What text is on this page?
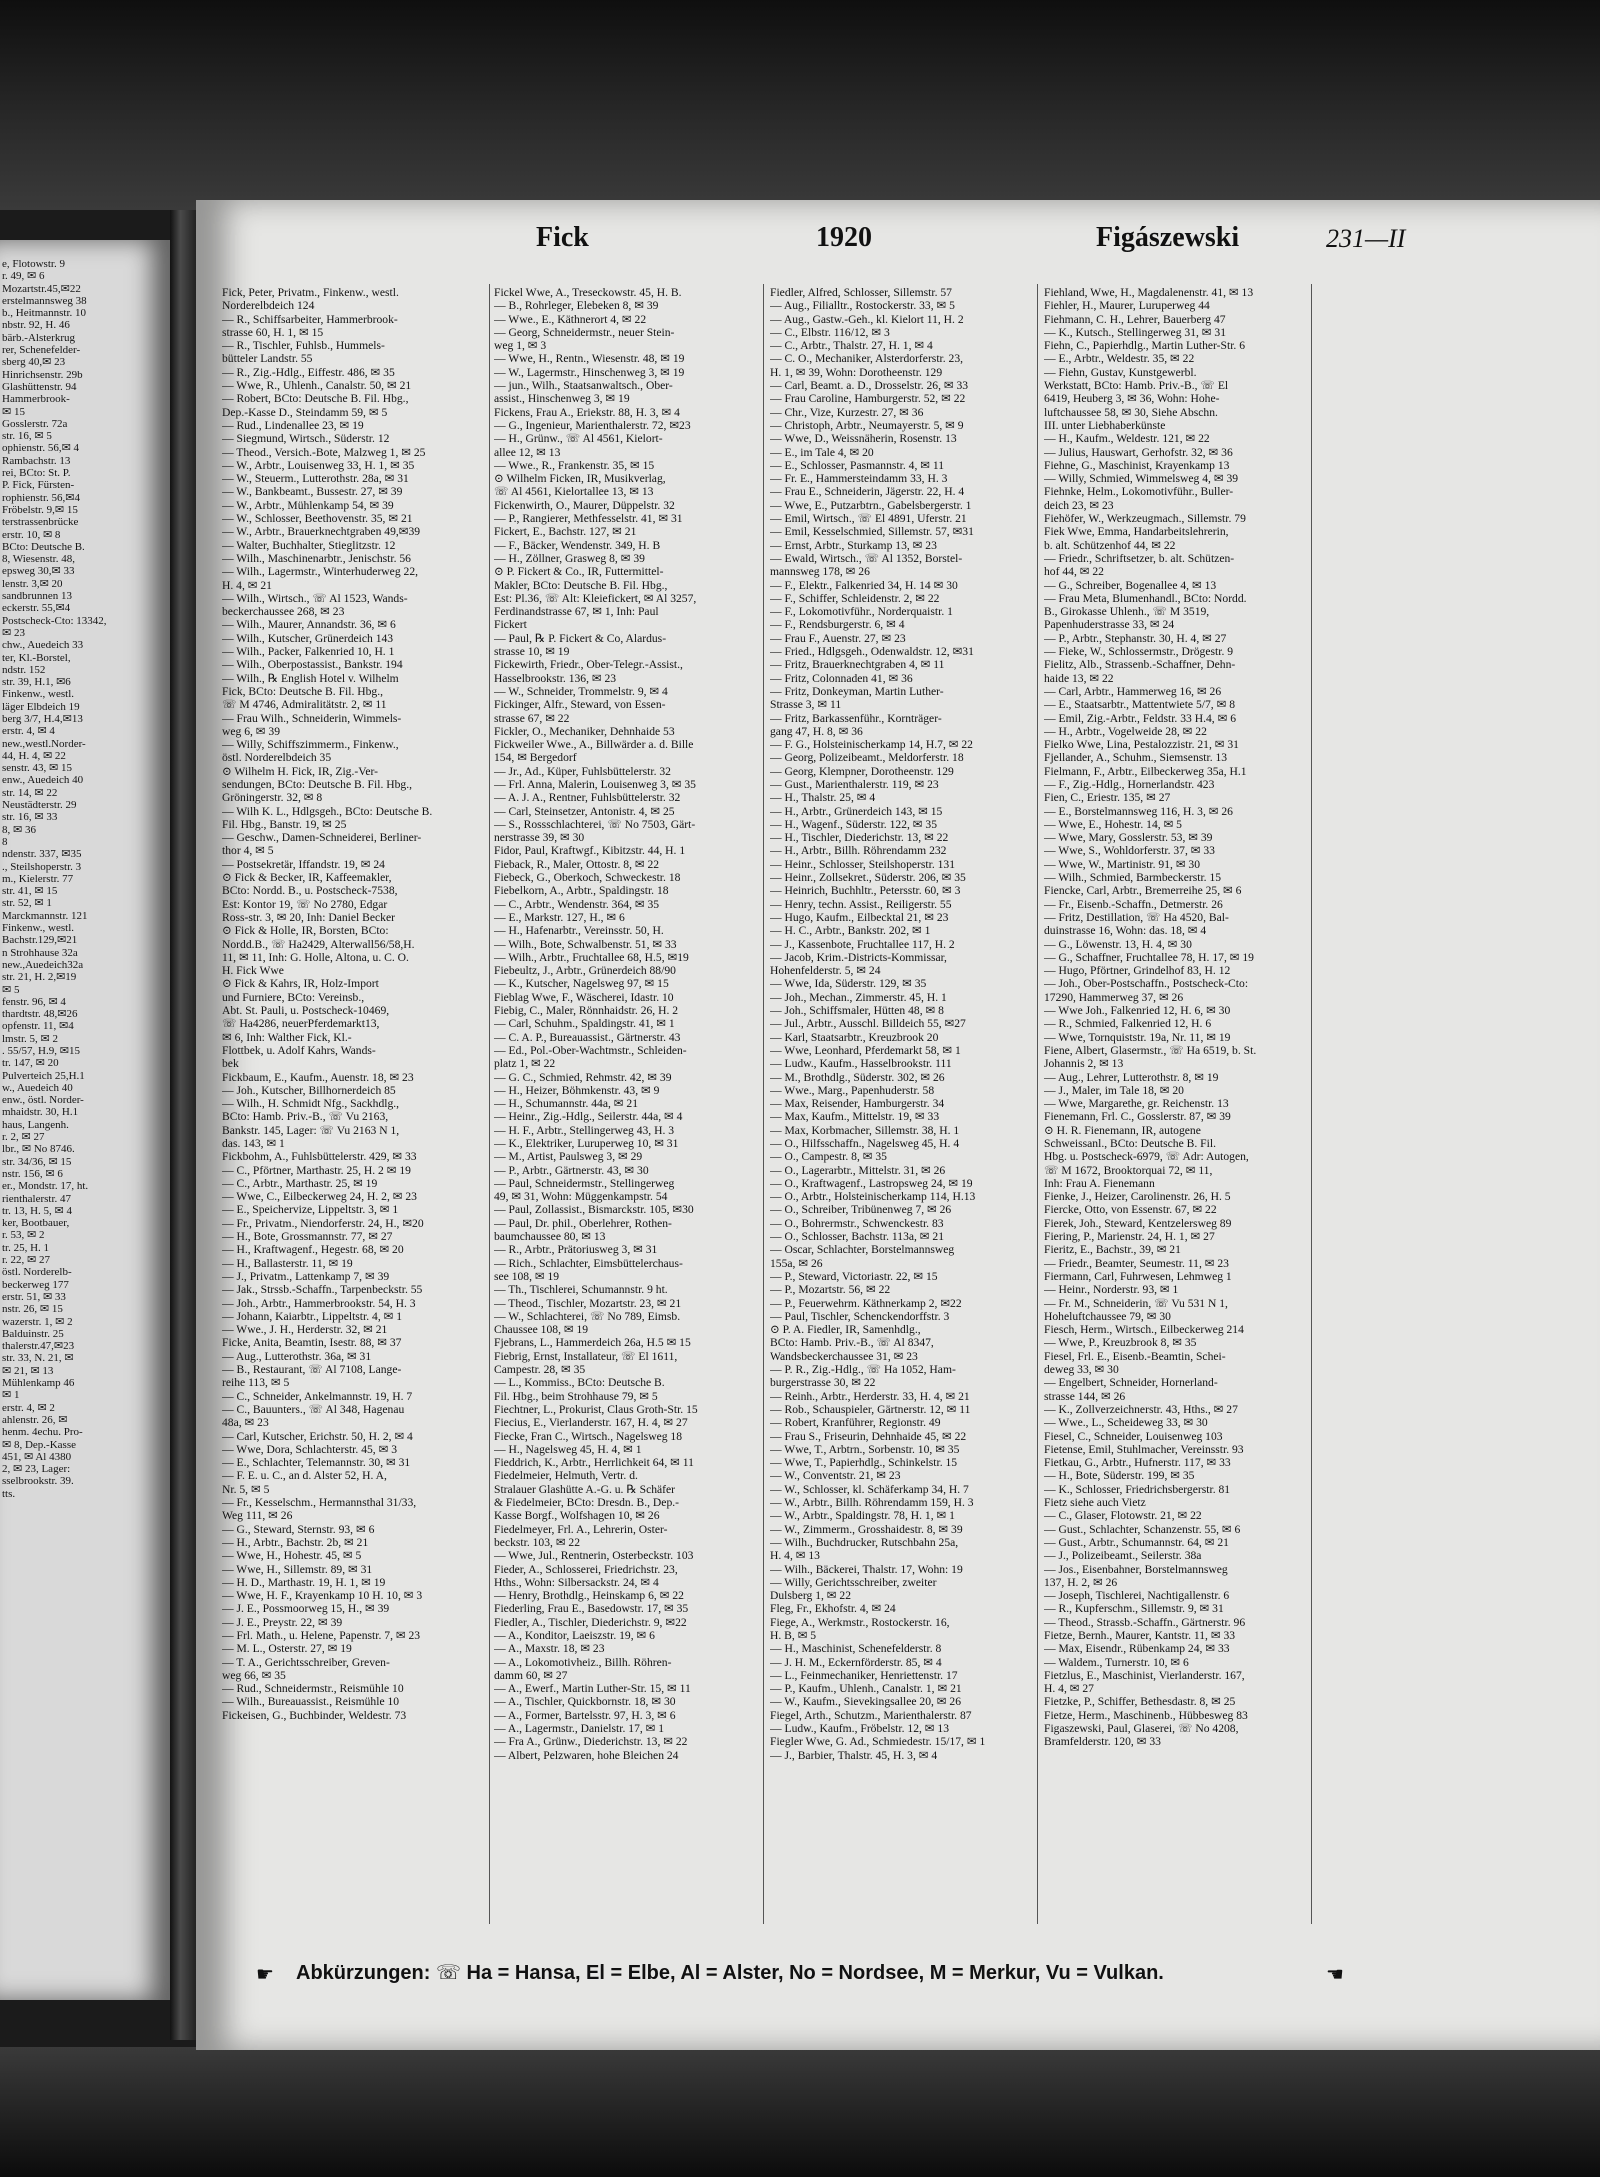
e, Flotowstr. 9
r. 49, ✉ 6
Mozartstr.45,✉22
erstelmannsweg 38
b., Heitmannstr. 10
nbstr. 92, H. 46
bärb.-Alsterkrug
rer, Schenefelder-
sberg 40,✉ 23
Hinrichsenstr. 29b
Glashüttenstr. 94
Hammerbrook-
✉ 15
Gosslerstr. 72a
str. 16, ✉ 5
ophienstr. 56,✉ 4
Rambachstr. 13
rei, BCto: St. P.
P. Fick, Fürsten-
rophienstr. 56,✉4
Fröbelstr. 9,✉ 15
terstrassenbrücke
erstr. 10, ✉ 8
BCto: Deutsche B.
8, Wiesenstr. 48,
epsweg 30,✉ 33
lenstr. 3,✉ 20
sandbrunnen 13
eckerstr. 55,✉4
Postscheck-Cto: 13342,
✉ 23
chw., Auedeich 33
ter, Kl.-Borstel,
ndstr. 152
str. 39, H.1, ✉6
Finkenw., westl.
läger Elbdeich 19
berg 3/7, H.4,✉13
erstr. 4, ✉ 4
new.,westl.Norder-
44, H. 4, ✉ 22
senstr. 43, ✉ 15
enw., Auedeich 40
str. 14, ✉ 22
Neustädterstr. 29
str. 16, ✉ 33
8, ✉ 36
8
ndenstr. 337, ✉35
., Steilshoperstr. 3
m., Kielerstr. 77
str. 41, ✉ 15
str. 52, ✉ 1
Marckmannstr. 121
Finkenw., westl.
Bachstr.129,✉21
n Strohhause 32a
new.,Auedeich32a
str. 21, H. 2,✉19
✉ 5
fenstr. 96, ✉ 4
thardtstr. 48,✉26
opfenstr. 11, ✉4
lmstr. 5, ✉ 2
. 55/57, H.9, ✉15
tr. 147, ✉ 20
Pulverteich 25,H.1
w., Auedeich 40
enw., östl. Norder-
mhaidstr. 30, H.1
haus, Langenh.
r. 2, ✉ 27
lbr., ✉ No 8746.
str. 34/36, ✉ 15
nstr. 156, ✉ 6
er., Mondstr. 17, ht.
rienthalerstr. 47
tr. 13, H. 5, ✉ 4
ker, Bootbauer,
r. 53, ✉ 2
tr. 25, H. 1
r. 22, ✉ 27
östl. Norderelb-
beckerweg 177
erstr. 51, ✉ 33
nstr. 26, ✉ 15
wazerstr. 1, ✉ 2
Balduinstr. 25
thalerstr.47,✉23
str. 33, N. 21, ✉
✉ 21, ✉ 13
Mühlenkamp 46
✉ 1
erstr. 4, ✉ 2
ahlenstr. 26, ✉
henm. 4echu. Pro-
✉ 8, Dep.-Kasse
451, ✉ Al 4380
2, ✉ 23, Lager:
sselbrookstr. 39.
tts.
Fick	1920	Figászewski	231—II
Fick, Peter, Privatm., Finkenw., westl.
Norderelbdeich 124
— R., Schiffsarbeiter, Hammerbrook-
strasse 60, H. 1, ✉ 15
— R., Tischler, Fuhlsb., Hummels-
bütteler Landstr. 55
— R., Zig.-Hdlg., Eiffestr. 486, ✉ 35
— Wwe, R., Uhlenh., Canalstr. 50, ✉ 21
— Robert, BCto: Deutsche B. Fil. Hbg.,
Dep.-Kasse D., Steindamm 59, ✉ 5
— Rud., Lindenallee 23, ✉ 19
— Siegmund, Wirtsch., Süderstr. 12
— Theod., Versich.-Bote, Malzweg 1, ✉ 25
— W., Arbtr., Louisenweg 33, H. 1, ✉ 35
— W., Steuerm., Lutterothstr. 28a, ✉ 31
— W., Bankbeamt., Bussestr. 27, ✉ 39
— W., Arbtr., Mühlenkamp 54, ✉ 39
— W., Schlosser, Beethovenstr. 35, ✉ 21
— W., Arbtr., Brauerknechtgraben 49,✉39
— Walter, Buchhalter, Stieglitzstr. 12
— Wilh., Maschinenarbtr., Jenischstr. 56
— Wilh., Lagermstr., Winterhuderweg 22,
H. 4, ✉ 21
— Wilh., Wirtsch., ☏ Al 1523, Wands-
beckerchaussee 268, ✉ 23
— Wilh., Maurer, Annandstr. 36, ✉ 6
— Wilh., Kutscher, Grünerdeich 143
— Wilh., Packer, Falkenried 10, H. 1
— Wilh., Oberpostassist., Bankstr. 194
— Wilh., ℞ English Hotel v. Wilhelm
Fick, BCto: Deutsche B. Fil. Hbg.,
☏ M 4746, Admiralitätstr. 2, ✉ 11
— Frau Wilh., Schneiderin, Wimmels-
weg 6, ✉ 39
— Willy, Schiffszimmerm., Finkenw.,
östl. Norderelbdeich 35
⊙ Wilhelm H. Fick, IR, Zig.-Ver-
sendungen, BCto: Deutsche B. Fil. Hbg.,
Gröningerstr. 32, ✉ 8
— Wilh K. L., Hdlgsgeh., BCto: Deutsche B.
Fil. Hbg., Banstr. 19, ✉ 25
— Geschw., Damen-Schneiderei, Berliner-
thor 4, ✉ 5
— Postsekretär, Iffandstr. 19, ✉ 24
⊙ Fick & Becker, IR, Kaffeemakler,
BCto: Nordd. B., u. Postscheck-7538,
Est: Kontor 19, ☏ No 2780, Edgar
Ross-str. 3, ✉ 20, Inh: Daniel Becker
⊙ Fick & Holle, IR, Borsten, BCto:
Nordd.B., ☏ Ha2429, Alterwall56/58,H.
11, ✉ 11, Inh: G. Holle, Altona, u. C. O.
H. Fick Wwe
⊙ Fick & Kahrs, IR, Holz-Import
und Furniere, BCto: Vereinsb.,
Abt. St. Pauli, u. Postscheck-10469,
☏ Ha4286, neuerPferdemarkt13,
✉ 6, Inh: Walther Fick, Kl.-
Flottbek, u. Adolf Kahrs, Wands-
bek
Fickbaum, E., Kaufm., Auenstr. 18, ✉ 23
— Joh., Kutscher, Billhornerdeich 85
— Wilh., H. Schmidt Nfg., Sackhdlg.,
BCto: Hamb. Priv.-B., ☏ Vu 2163,
Bankstr. 145, Lager: ☏ Vu 2163 N 1,
das. 143, ✉ 1
Fickbohm, A., Fuhlsbüttelerstr. 429, ✉ 33
— C., Pförtner, Marthastr. 25, H. 2 ✉ 19
— C., Arbtr., Marthastr. 25, ✉ 19
— Wwe, C., Eilbeckerweg 24, H. 2, ✉ 23
— E., Speichervize, Lippeltstr. 3, ✉ 1
— Fr., Privatm., Niendorferstr. 24, H., ✉20
— H., Bote, Grossmannstr. 77, ✉ 27
— H., Kraftwagenf., Hegestr. 68, ✉ 20
— H., Ballasterstr. 11, ✉ 19
— J., Privatm., Lattenkamp 7, ✉ 39
— Jak., Strssb.-Schaffn., Tarpenbeckstr. 55
— Joh., Arbtr., Hammerbrookstr. 54, H. 3
— Johann, Kaiarbtr., Lippeltstr. 4, ✉ 1
— Wwe., J. H., Herderstr. 32, ✉ 21
Ficke, Anita, Beamtin, Isestr. 88, ✉ 37
— Aug., Lutterothstr. 36a, ✉ 31
— B., Restaurant, ☏ Al 7108, Lange-
reihe 113, ✉ 5
— C., Schneider, Ankelmannstr. 19, H. 7
— C., Bauunters., ☏ Al 348, Hagenau
48a, ✉ 23
— Carl, Kutscher, Erichstr. 50, H. 2, ✉ 4
— Wwe, Dora, Schlachterstr. 45, ✉ 3
— E., Schlachter, Telemannstr. 30, ✉ 31
— F. E. u. C., an d. Alster 52, H. A,
Nr. 5, ✉ 5
— Fr., Kesselschm., Hermannsthal 31/33,
Weg 111, ✉ 26
— G., Steward, Sternstr. 93, ✉ 6
— H., Arbtr., Bachstr. 2b, ✉ 21
— Wwe, H., Hohestr. 45, ✉ 5
— Wwe, H., Sillemstr. 89, ✉ 31
— H. D., Marthastr. 19, H. 1, ✉ 19
— Wwe, H. F., Krayenkamp 10 H. 10, ✉ 3
— J. E., Possmoorweg 15, H., ✉ 39
— J. E., Preystr. 22, ✉ 39
— Frl. Math., u. Helene, Papenstr. 7, ✉ 23
— M. L., Osterstr. 27, ✉ 19
— T. A., Gerichtsschreiber, Greven-
weg 66, ✉ 35
— Rud., Schneidermstr., Reismühle 10
— Wilh., Bureauassist., Reismühle 10
Fickeisen, G., Buchbinder, Weldestr. 73
Fickel Wwe, A., Treseckowstr. 45, H. B.
— B., Rohrleger, Elebeken 8, ✉ 39
— Wwe., E., Käthnerort 4, ✉ 22
— Georg, Schneidermstr., neuer Stein-
weg 1, ✉ 3
— Wwe, H., Rentn., Wiesenstr. 48, ✉ 19
— W., Lagermstr., Hinschenweg 3, ✉ 19
— jun., Wilh., Staatsanwaltsch., Ober-
assist., Hinschenweg 3, ✉ 19
Fickens, Frau A., Eriekstr. 88, H. 3, ✉ 4
— G., Ingenieur, Marienthalerstr. 72, ✉23
— H., Grünw., ☏ Al 4561, Kielort-
allee 12, ✉ 13
— Wwe., R., Frankenstr. 35, ✉ 15
⊙ Wilhelm Ficken, IR, Musikverlag,
☏ Al 4561, Kielortallee 13, ✉ 13
Fickenwirth, O., Maurer, Düppelstr. 32
— P., Rangierer, Methfesselstr. 41, ✉ 31
Fickert, E., Bachstr. 127, ✉ 21
— F., Bäcker, Wendenstr. 349, H. B
— H., Zöllner, Grasweg 8, ✉ 39
⊙ P. Fickert & Co., IR, Futtermittel-
Makler, BCto: Deutsche B. Fil. Hbg.,
Est: Pl.36, ☏ Alt: Kleiefickert, ✉ Al 3257,
Ferdinandstrasse 67, ✉ 1, Inh: Paul
Fickert
— Paul, ℞ P. Fickert & Co, Alardus-
strasse 10, ✉ 19
Fickewirth, Friedr., Ober-Telegr.-Assist.,
Hasselbrookstr. 136, ✉ 23
— W., Schneider, Trommelstr. 9, ✉ 4
Fickinger, Alfr., Steward, von Essen-
strasse 67, ✉ 22
Fickler, O., Mechaniker, Dehnhaide 53
Fickweiler Wwe., A., Billwärder a. d. Bille
154, ✉ Bergedorf
— Jr., Ad., Küper, Fuhlsbüttelerstr. 32
— Frl. Anna, Malerin, Louisenweg 3, ✉ 35
— A. J. A., Rentner, Fuhlsbüttelerstr. 32
— Carl, Steinsetzer, Antonistr. 4, ✉ 25
— S., Rossschlachterei, ☏ No 7503, Gärt-
nerstrasse 39, ✉ 30
Fidor, Paul, Kraftwgf., Kibitzstr. 44, H. 1
Fieback, R., Maler, Ottostr. 8, ✉ 22
Fiebeck, G., Oberkoch, Schweckestr. 18
Fiebelkorn, A., Arbtr., Spaldingstr. 18
— C., Arbtr., Wendenstr. 364, ✉ 35
— E., Markstr. 127, H., ✉ 6
— H., Hafenarbtr., Vereinsstr. 50, H.
— Wilh., Bote, Schwalbenstr. 51, ✉ 33
— Wilh., Arbtr., Fruchtallee 68, H.5, ✉19
Fiebeultz, J., Arbtr., Grünerdeich 88/90
— K., Kutscher, Nagelsweg 97, ✉ 15
Fieblag Wwe, F., Wäscherei, Idastr. 10
Fiebig, C., Maler, Rönnhaidstr. 26, H. 2
— Carl, Schuhm., Spaldingstr. 41, ✉ 1
— C. A. P., Bureauassist., Gärtnerstr. 43
— Ed., Pol.-Ober-Wachtmstr., Schleiden-
platz 1, ✉ 22
— G. C., Schmied, Rehmstr. 42, ✉ 39
— H., Heizer, Böhmkenstr. 43, ✉ 9
— H., Schumannstr. 44a, ✉ 21
— Heinr., Zig.-Hdlg., Seilerstr. 44a, ✉ 4
— H. F., Arbtr., Stellingerweg 43, H. 3
— K., Elektriker, Luruperweg 10, ✉ 31
— M., Artist, Paulsweg 3, ✉ 29
— P., Arbtr., Gärtnerstr. 43, ✉ 30
— Paul, Schneidermstr., Stellingerweg
49, ✉ 31, Wohn: Müggenkampstr. 54
— Paul, Zollassist., Bismarckstr. 105, ✉30
— Paul, Dr. phil., Oberlehrer, Rothen-
baumchaussee 80, ✉ 13
— R., Arbtr., Prätoriusweg 3, ✉ 31
— Rich., Schlachter, Eimsbüttelerchaus-
see 108, ✉ 19
— Th., Tischlerei, Schumannstr. 9 ht.
— Theod., Tischler, Mozartstr. 23, ✉ 21
— W., Schlachterei, ☏ No 789, Eimsb.
Chaussee 108, ✉ 19
Fjebrans, L., Hammerdeich 26a, H.5 ✉ 15
Fiebrig, Ernst, Installateur, ☏ El 1611,
Campestr. 28, ✉ 35
— L., Kommiss., BCto: Deutsche B.
Fil. Hbg., beim Strohhause 79, ✉ 5
Fiechtner, L., Prokurist, Claus Groth-Str. 15
Fiecius, E., Vierlanderstr. 167, H. 4, ✉ 27
Fiecke, Fran C., Wirtsch., Nagelsweg 18
— H., Nagelsweg 45, H. 4, ✉ 1
Fieddrich, K., Arbtr., Herrlichkeit 64, ✉ 11
Fiedelmeier, Helmuth, Vertr. d.
Stralauer Glashütte A.-G. u. ℞ Schäfer
& Fiedelmeier, BCto: Dresdn. B., Dep.-
Kasse Borgf., Wolfshagen 10, ✉ 26
Fiedelmeyer, Frl. A., Lehrerin, Oster-
beckstr. 103, ✉ 22
— Wwe, Jul., Rentnerin, Osterbeckstr. 103
Fieder, A., Schlosserei, Friedrichstr. 23,
Hths., Wohn: Silbersackstr. 24, ✉ 4
— Henry, Brothdlg., Heinskamp 6, ✉ 22
Fiederling, Frau E., Basedowstr. 17, ✉ 35
Fiedler, A., Tischler, Diederichstr. 9, ✉22
— A., Konditor, Laeiszstr. 19, ✉ 6
— A., Maxstr. 18, ✉ 23
— A., Lokomotivheiz., Billh. Röhren-
damm 60, ✉ 27
— A., Ewerf., Martin Luther-Str. 15, ✉ 11
— A., Tischler, Quickbornstr. 18, ✉ 30
— A., Former, Bartelsstr. 97, H. 3, ✉ 6
— A., Lagermstr., Danielstr. 17, ✉ 1
— Fra A., Grünw., Diederichstr. 13, ✉ 22
— Albert, Pelzwaren, hohe Bleichen 24
Fiedler, Alfred, Schlosser, Sillemstr. 57
— Aug., Filialltr., Rostockerstr. 33, ✉ 5
— Aug., Gastw.-Geh., kl. Kielort 11, H. 2
— C., Elbstr. 116/12, ✉ 3
— C., Arbtr., Thalstr. 27, H. 1, ✉ 4
— C. O., Mechaniker, Alsterdorferstr. 23,
H. 1, ✉ 39, Wohn: Dorotheenstr. 129
— Carl, Beamt. a. D., Drosselstr. 26, ✉ 33
— Frau Caroline, Hamburgerstr. 52, ✉ 22
— Chr., Vize, Kurzestr. 27, ✉ 36
— Christoph, Arbtr., Neumayerstr. 5, ✉ 9
— Wwe, D., Weissnäherin, Rosenstr. 13
— E., im Tale 4, ✉ 20
— E., Schlosser, Pasmannstr. 4, ✉ 11
— Fr. E., Hammersteindamm 33, H. 3
— Frau E., Schneiderin, Jägerstr. 22, H. 4
— Wwe, E., Putzarbtrn., Gabelsbergerstr. 1
— Emil, Wirtsch., ☏ El 4891, Uferstr. 21
— Emil, Kesselschmied, Sillemstr. 57, ✉31
— Ernst, Arbtr., Sturkamp 13, ✉ 23
— Ewald, Wirtsch., ☏ Al 1352, Borstel-
mannsweg 178, ✉ 26
— F., Elektr., Falkenried 34, H. 14 ✉ 30
— F., Schiffer, Schleidenstr. 2, ✉ 22
— F., Lokomotivführ., Norderquaistr. 1
— F., Rendsburgerstr. 6, ✉ 4
— Frau F., Auenstr. 27, ✉ 23
— Fried., Hdlgsgeh., Odenwaldstr. 12, ✉31
— Fritz, Brauerknechtgraben 4, ✉ 11
— Fritz, Colonnaden 41, ✉ 36
— Fritz, Donkeyman, Martin Luther-
Strasse 3, ✉ 11
— Fritz, Barkassenführ., Kornträger-
gang 47, H. 8, ✉ 36
— F. G., Holsteinischerkamp 14, H.7, ✉ 22
— Georg, Polizeibeamt., Meldorferstr. 18
— Georg, Klempner, Dorotheenstr. 129
— Gust., Marienthalerstr. 119, ✉ 23
— H., Thalstr. 25, ✉ 4
— H., Arbtr., Grünerdeich 143, ✉ 15
— H., Wagenf., Süderstr. 122, ✉ 35
— H., Tischler, Diederichstr. 13, ✉ 22
— H., Arbtr., Billh. Röhrendamm 232
— Heinr., Schlosser, Steilshoperstr. 131
— Heinr., Zollsekret., Süderstr. 206, ✉ 35
— Heinrich, Buchhltr., Petersstr. 60, ✉ 3
— Henry, techn. Assist., Reiligerstr. 55
— Hugo, Kaufm., Eilbecktal 21, ✉ 23
— H. C., Arbtr., Bankstr. 202, ✉ 1
— J., Kassenbote, Fruchtallee 117, H. 2
— Jacob, Krim.-Districts-Kommissar,
Hohenfelderstr. 5, ✉ 24
— Wwe, Ida, Süderstr. 129, ✉ 35
— Joh., Mechan., Zimmerstr. 45, H. 1
— Joh., Schiffsmaler, Hütten 48, ✉ 8
— Jul., Arbtr., Ausschl. Billdeich 55, ✉27
— Karl, Staatsarbtr., Kreuzbrook 20
— Wwe, Leonhard, Pferdemarkt 58, ✉ 1
— Ludw., Kaufm., Hasselbrookstr. 111
— M., Brothdlg., Süderstr. 302, ✉ 26
— Wwe., Marg., Papenhuderstr. 58
— Max, Reisender, Hamburgerstr. 34
— Max, Kaufm., Mittelstr. 19, ✉ 33
— Max, Korbmacher, Sillemstr. 38, H. 1
— O., Hilfsschaffn., Nagelsweg 45, H. 4
— O., Campestr. 8, ✉ 35
— O., Lagerarbtr., Mittelstr. 31, ✉ 26
— O., Kraftwagenf., Lastropsweg 24, ✉ 19
— O., Arbtr., Holsteinischerkamp 114, H.13
— O., Schreiber, Tribünenweg 7, ✉ 26
— O., Bohrermstr., Schwenckestr. 83
— O., Schlosser, Bachstr. 113a, ✉ 21
— Oscar, Schlachter, Borstelmannsweg
155a, ✉ 26
— P., Steward, Victoriastr. 22, ✉ 15
— P., Mozartstr. 56, ✉ 22
— P., Feuerwehrm. Käthnerkamp 2, ✉22
— Paul, Tischler, Schenckendorffstr. 3
⊙ P. A. Fiedler, IR, Samenhdlg.,
BCto: Hamb. Priv.-B., ☏ Al 8347,
Wandsbeckerchaussee 31, ✉ 23
— P. R., Zig.-Hdlg., ☏ Ha 1052, Ham-
burgerstrasse 30, ✉ 22
— Reinh., Arbtr., Herderstr. 33, H. 4, ✉ 21
— Rob., Schauspieler, Gärtnerstr. 12, ✉ 11
— Robert, Kranführer, Regionstr. 49
— Frau S., Friseurin, Dehnhaide 45, ✉ 22
— Wwe, T., Arbtrn., Sorbenstr. 10, ✉ 35
— Wwe, T., Papierhdlg., Schinkelstr. 15
— W., Conventstr. 21, ✉ 23
— W., Schlosser, kl. Schäferkamp 34, H. 7
— W., Arbtr., Billh. Röhrendamm 159, H. 3
— W., Arbtr., Spaldingstr. 78, H. 1, ✉ 1
— W., Zimmerm., Grosshaidestr. 8, ✉ 39
— Wilh., Buchdrucker, Rutschbahn 25a,
H. 4, ✉ 13
— Wilh., Bäckerei, Thalstr. 17, Wohn: 19
— Willy, Gerichtsschreiber, zweiter
Dulsberg 1, ✉ 22
Fleg, Fr., Ekhofstr. 4, ✉ 24
Fiege, A., Werkmstr., Rostockerstr. 16,
H. B, ✉ 5
— H., Maschinist, Schenefelderstr. 8
— J. H. M., Eckernförderstr. 85, ✉ 4
— L., Feinmechaniker, Henriettenstr. 17
— P., Kaufm., Uhlenh., Canalstr. 1, ✉ 21
— W., Kaufm., Sievekingsallee 20, ✉ 26
Fiegel, Arth., Schutzm., Marienthalerstr. 87
— Ludw., Kaufm., Fröbelstr. 12, ✉ 13
Fiegler Wwe, G. Ad., Schmiedestr. 15/17, ✉ 1
— J., Barbier, Thalstr. 45, H. 3, ✉ 4
Fiehland, Wwe, H., Magdalenenstr. 41, ✉ 13
Fiehler, H., Maurer, Luruperweg 44
Fiehmann, C. H., Lehrer, Bauerberg 47
— K., Kutsch., Stellingerweg 31, ✉ 31
Fiehn, C., Papierhdlg., Martin Luther-Str. 6
— E., Arbtr., Weldestr. 35, ✉ 22
— Fiehn, Gustav, Kunstgewerbl.
Werkstatt, BCto: Hamb. Priv.-B., ☏ El
6419, Heuberg 3, ✉ 36, Wohn: Hohe-
luftchaussee 58, ✉ 30, Siehe Abschn.
III. unter Liebhaberkünste
— H., Kaufm., Weldestr. 121, ✉ 22
— Julius, Hauswart, Gerhofstr. 32, ✉ 36
Fiehne, G., Maschinist, Krayenkamp 13
— Willy, Schmied, Wimmelsweg 4, ✉ 39
Fiehnke, Helm., Lokomotivführ., Buller-
deich 23, ✉ 23
Fiehöfer, W., Werkzeugmach., Sillemstr. 79
Fiek Wwe, Emma, Handarbeitslehrerin,
b. alt. Schützenhof 44, ✉ 22
— Friedr., Schriftsetzer, b. alt. Schützen-
hof 44, ✉ 22
— G., Schreiber, Bogenallee 4, ✉ 13
— Frau Meta, Blumenhandl., BCto: Nordd.
B., Girokasse Uhlenh., ☏ M 3519,
Papenhuderstrasse 33, ✉ 24
— P., Arbtr., Stephanstr. 30, H. 4, ✉ 27
— Fieke, W., Schlossermstr., Drögestr. 9
Fielitz, Alb., Strassenb.-Schaffner, Dehn-
haide 13, ✉ 22
— Carl, Arbtr., Hammerweg 16, ✉ 26
— E., Staatsarbtr., Mattentwiete 5/7, ✉ 8
— Emil, Zig.-Arbtr., Feldstr. 33 H.4, ✉ 6
— H., Arbtr., Vogelweide 28, ✉ 22
Fielko Wwe, Lina, Pestalozzistr. 21, ✉ 31
Fjellander, A., Schuhm., Siemsenstr. 13
Fielmann, F., Arbtr., Eilbeckerweg 35a, H.1
— F., Zig.-Hdlg., Hornerlandstr. 423
Fien, C., Eriestr. 135, ✉ 27
— E., Borstelmannsweg 116, H. 3, ✉ 26
— Wwe, E., Hohestr. 14, ✉ 5
— Wwe, Mary, Gosslerstr. 53, ✉ 39
— Wwe, S., Wohldorferstr. 37, ✉ 33
— Wwe, W., Martinistr. 91, ✉ 30
— Wilh., Schmied, Barmbeckerstr. 15
Fiencke, Carl, Arbtr., Bremerreihe 25, ✉ 6
— Fr., Eisenb.-Schaffn., Detmerstr. 26
— Fritz, Destillation, ☏ Ha 4520, Bal-
duinstrasse 16, Wohn: das. 18, ✉ 4
— G., Löwenstr. 13, H. 4, ✉ 30
— G., Schaffner, Fruchtallee 78, H. 17, ✉ 19
— Hugo, Pförtner, Grindelhof 83, H. 12
— Joh., Ober-Postschaffn., Postscheck-Cto:
17290, Hammerweg 37, ✉ 26
— Wwe Joh., Falkenried 12, H. 6, ✉ 30
— R., Schmied, Falkenried 12, H. 6
— Wwe, Tornquiststr. 19a, Nr. 11, ✉ 19
Fiene, Albert, Glasermstr., ☏ Ha 6519, b. St.
Johannis 2, ✉ 13
— Aug., Lehrer, Lutterothstr. 8, ✉ 19
— J., Maler, im Tale 18, ✉ 20
— Wwe, Margarethe, gr. Reichenstr. 13
Fienemann, Frl. C., Gosslerstr. 87, ✉ 39
⊙ H. R. Fienemann, IR, autogene
Schweissanl., BCto: Deutsche B. Fil.
Hbg. u. Postscheck-6979, ☏ Adr: Autogen,
☏ M 1672, Brooktorquai 72, ✉ 11,
Inh: Frau A. Fienemann
Fienke, J., Heizer, Carolinenstr. 26, H. 5
Fiercke, Otto, von Essenstr. 67, ✉ 22
Fierek, Joh., Steward, Kentzelersweg 89
Fiering, P., Marienstr. 24, H. 1, ✉ 27
Fieritz, E., Bachstr., 39, ✉ 21
— Friedr., Beamter, Seumestr. 11, ✉ 23
Fiermann, Carl, Fuhrwesen, Lehmweg 1
— Heinr., Norderstr. 93, ✉ 1
— Fr. M., Schneiderin, ☏ Vu 531 N 1,
Hoheluftchaussee 79, ✉ 30
Fiesch, Herm., Wirtsch., Eilbeckerweg 214
— Wwe, P., Kreuzbrook 8, ✉ 35
Fiesel, Frl. E., Eisenb.-Beamtin, Schei-
deweg 33, ✉ 30
— Engelbert, Schneider, Hornerland-
strasse 144, ✉ 26
— K., Zollverzeichnerstr. 43, Hths., ✉ 27
— Wwe., L., Scheideweg 33, ✉ 30
Fiesel, C., Schneider, Louisenweg 103
Fietense, Emil, Stuhlmacher, Vereinsstr. 93
Fietkau, G., Arbtr., Hufnerstr. 117, ✉ 33
— H., Bote, Süderstr. 199, ✉ 35
— K., Schlosser, Friedrichsbergerstr. 81
Fietz siehe auch Vietz
— C., Glaser, Flotowstr. 21, ✉ 22
— Gust., Schlachter, Schanzenstr. 55, ✉ 6
— Gust., Arbtr., Schumannstr. 64, ✉ 21
— J., Polizeibeamt., Seilerstr. 38a
— Jos., Eisenbahner, Borstelmannsweg
137, H. 2, ✉ 26
— Joseph, Tischlerei, Nachtigallenstr. 6
— R., Kupferschm., Sillemstr. 9, ✉ 31
— Theod., Strassb.-Schaffn., Gärtnerstr. 96
Fietze, Bernh., Maurer, Kantstr. 11, ✉ 33
— Max, Eisendr., Rübenkamp 24, ✉ 33
— Waldem., Turnerstr. 10, ✉ 6
Fietzlus, E., Maschinist, Vierlanderstr. 167,
H. 4, ✉ 27
Fietzke, P., Schiffer, Bethesdastr. 8, ✉ 25
Fietze, Herm., Maschinenb., Hübbesweg 83
Figaszewski, Paul, Glaserei, ☏ No 4208,
Bramfelderstr. 120, ✉ 33
☛ Abkürzungen: ☏ Ha = Hansa, El = Elbe, Al = Alster, No = Nordsee, M = Merkur, Vu = Vulkan.	☚
